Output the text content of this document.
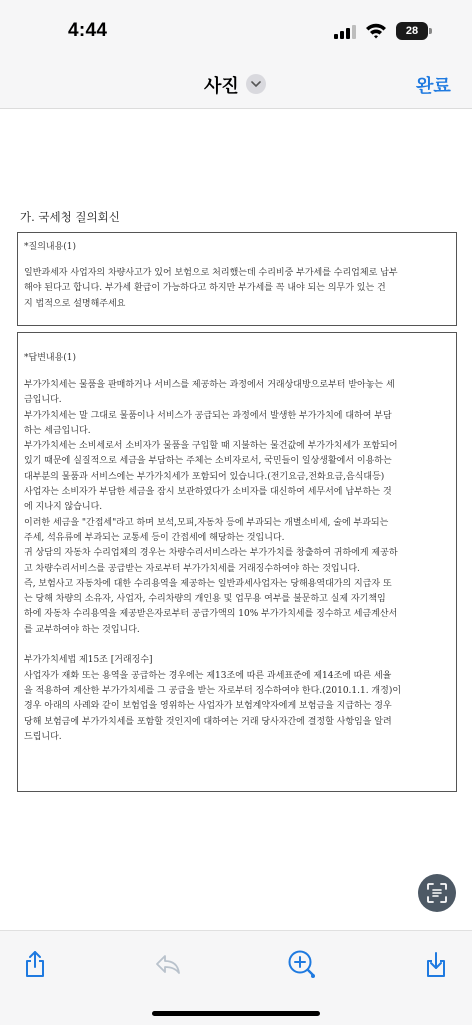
4:44	28
사진	완료
가. 국세청 질의회신
*질의내용(1)
일반과세자 사업자의 차량사고가 있어 보험으로 처리했는데 수리비중 부가세를 수리업체로 납부
해야 된다고 합니다. 부가세 환급이 가능하다고 하지만 부가세를 꼭 내야 되는 의무가 있는 건
지 법적으로 설명해주세요
*답변내용(1)
부가가치세는 물품을 판매하거나 서비스를 제공하는 과정에서 거래상대방으로부터 받아놓는 세
금입니다.
부가가치세는 말 그대로 물품이나 서비스가 공급되는 과정에서 발생한 부가가치에 대하여 부담
하는 세금입니다.
부가가치세는 소비세로서 소비자가 물품을 구입할 때 지불하는 물건값에 부가가치세가 포함되어
있기 때문에 실질적으로 세금을 부담하는 주체는 소비자로서, 국민들이 일상생활에서 이용하는
대부분의 물품과 서비스에는 부가가치세가 포함되어 있습니다.(전기요금,전화요금,음식대등)
사업자는 소비자가 부담한 세금을 잠시 보관하였다가 소비자를 대신하여 세무서에 납부하는 것
에 지나지 않습니다.
이러한 세금을 "간접세"라고 하며 보석,모피,자동차 등에 부과되는 개별소비세, 술에 부과되는
주세, 석유류에 부과되는 교통세 등이 간접세에 해당하는 것입니다.
귀 상담의 자동차 수리업체의 경우는 차량수리서비스라는 부가가치를 창출하여 귀하에게 제공하
고 차량수리서비스를 공급받는 자로부터 부가가치세를 거래징수하여야 하는 것입니다.
즉, 보험사고 자동차에 대한 수리용역을 제공하는 일반과세사업자는 당해용역대가의 지급자 또
는 당해 차량의 소유자, 사업자, 수리차량의 개인용 및 업무용 여부를 불문하고 실제 자기책임
하에 자동차 수리용역을 제공받은자로부터 공급가액의 10% 부가가치세를 징수하고 세금계산서
를 교부하여야 하는 것입니다.

부가가치세법 제15조 [거래징수]
사업자가 재화 또는 용역을 공급하는 경우에는 제13조에 따른 과세표준에 제14조에 따른 세율
을 적용하여 계산한 부가가치세를 그 공급을 받는 자로부터 징수하여야 한다.(2010.1.1. 개정)이
경우 아래의 사례와 같이 보험업을 영위하는 사업자가 보험계약자에게 보험금을 지급하는 경우
당해 보험금에 부가가치세를 포함할 것인지에 대하여는 거래 당사자간에 결정할 사항임을 알려
드립니다.
